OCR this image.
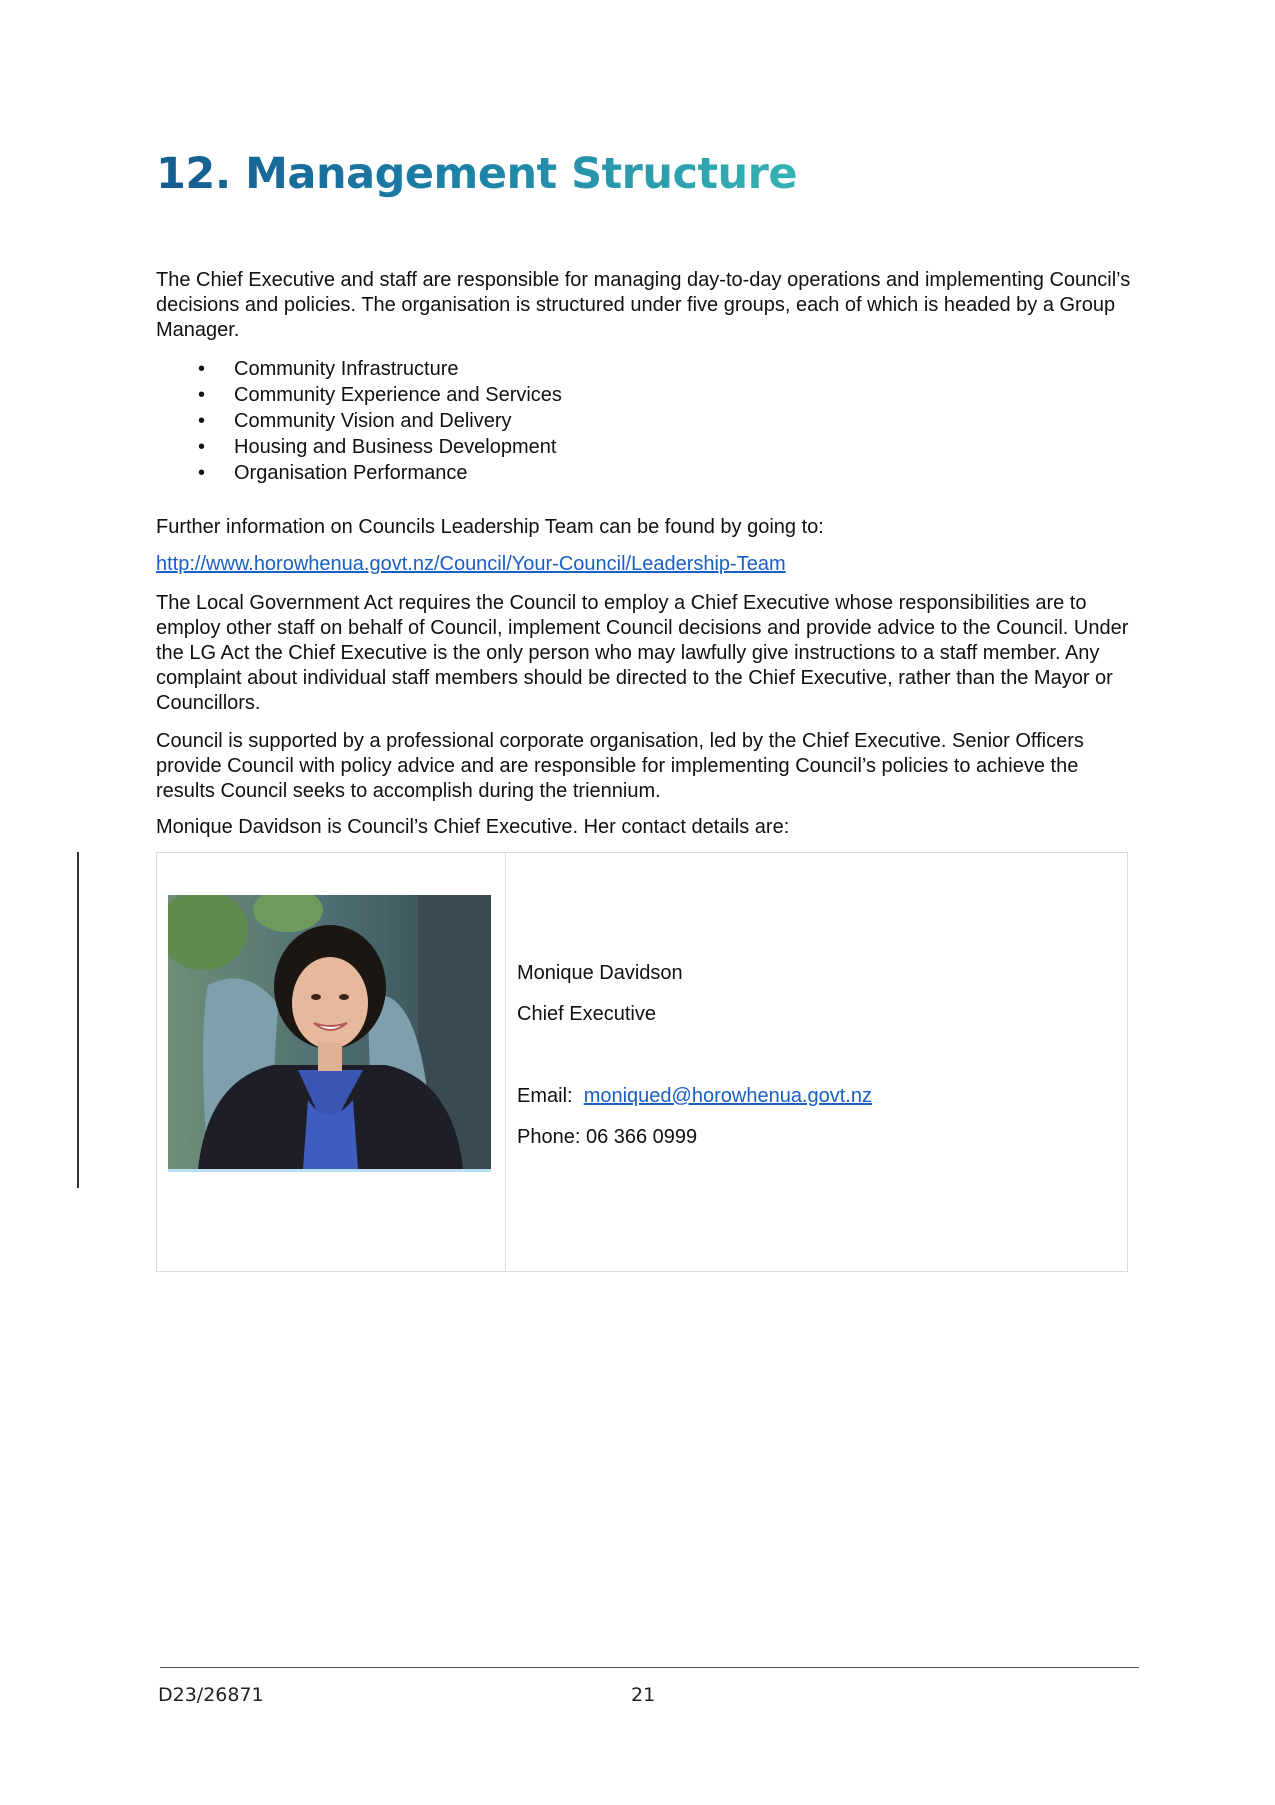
12. Management Structure

The Chief Executive and staff are responsible for managing day-to-day operations and implementing Council’s decisions and policies. The organisation is structured under five groups, each of which is headed by a Group Manager.

• Community Infrastructure
• Community Experience and Services
• Community Vision and Delivery
• Housing and Business Development
• Organisation Performance

Further information on Councils Leadership Team can be found by going to:

http://www.horowhenua.govt.nz/Council/Your-Council/Leadership-Team

The Local Government Act requires the Council to employ a Chief Executive whose responsibilities are to employ other staff on behalf of Council, implement Council decisions and provide advice to the Council. Under the LG Act the Chief Executive is the only person who may lawfully give instructions to a staff member. Any complaint about individual staff members should be directed to the Chief Executive, rather than the Mayor or Councillors.

Council is supported by a professional corporate organisation, led by the Chief Executive. Senior Officers provide Council with policy advice and are responsible for implementing Council’s policies to achieve the results Council seeks to accomplish during the triennium.

Monique Davidson is Council’s Chief Executive. Her contact details are:

Monique Davidson

Chief Executive

Email: moniqued@horowhenua.govt.nz

Phone: 06 366 0999

D23/26871	21
